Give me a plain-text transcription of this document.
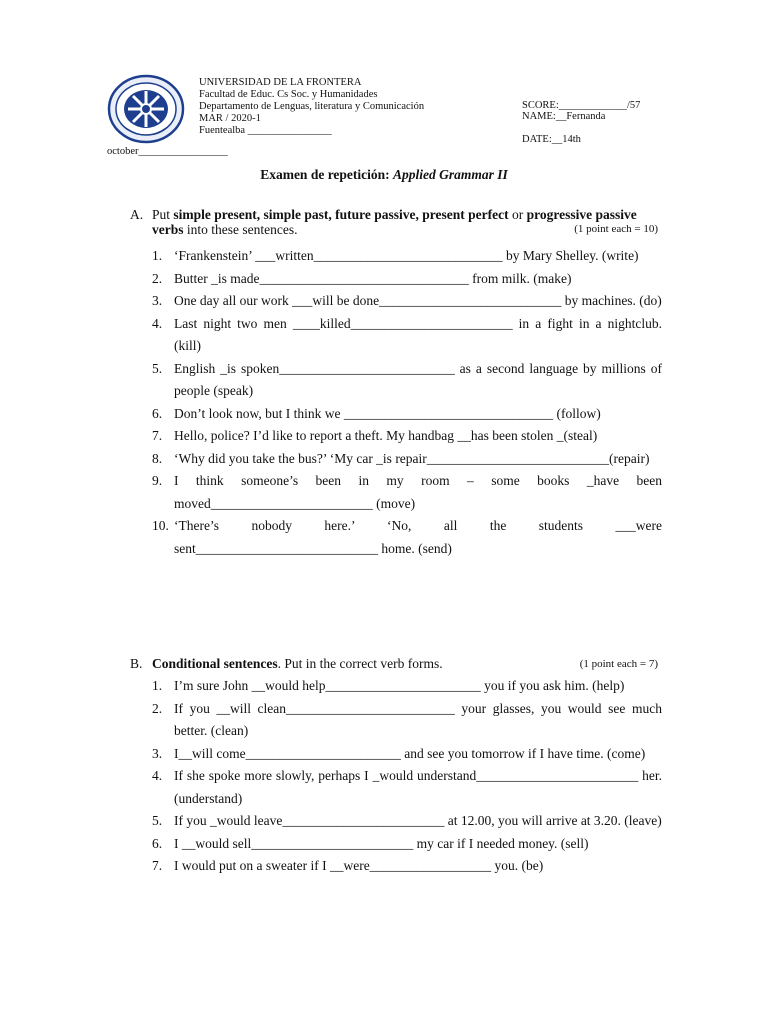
UNIVERSIDAD DE LA FRONTERA
Facultad de Educ. Cs Soc. y Humanidades
Departamento de Lenguas, literatura y Comunicación
MAR / 2020-1
Fuentealba ________________
SCORE:_____________/57
NAME:__Fernanda
DATE:__14th
october_________________
Examen de repetición: Applied Grammar II
A. Put simple present, simple past, future passive, present perfect or progressive passive verbs into these sentences.	(1 point each = 10)
1. ‘Frankenstein’ ___written____________________________ by Mary Shelley. (write)
2. Butter _is made_______________________________ from milk. (make)
3. One day all our work ___will be done___________________________ by machines. (do)
4. Last night two men ____killed________________________ in a fight in a nightclub. (kill)
5. English _is spoken__________________________ as a second language by millions of people (speak)
6. Don’t look now, but I think we _______________________________ (follow)
7. Hello, police? I’d like to report a theft. My handbag __has been stolen _(steal)
8. ‘Why did you take the bus?’ ‘My car _is repair___________________________(repair)
9. I think someone’s been in my room – some books _have been moved________________________ (move)
10. ‘There’s nobody here.’ ‘No, all the students ___were sent___________________________ home. (send)
B. Conditional sentences. Put in the correct verb forms.	(1 point each = 7)
1. I’m sure John __would help_______________________ you if you ask him. (help)
2. If you __will clean_________________________ your glasses, you would see much better. (clean)
3. I__will come_______________________ and see you tomorrow if I have time. (come)
4. If she spoke more slowly, perhaps I _would understand________________________ her. (understand)
5. If you _would leave________________________ at 12.00, you will arrive at 3.20. (leave)
6. I __would sell________________________ my car if I needed money. (sell)
7. I would put on a sweater if I __were__________________ you. (be)
